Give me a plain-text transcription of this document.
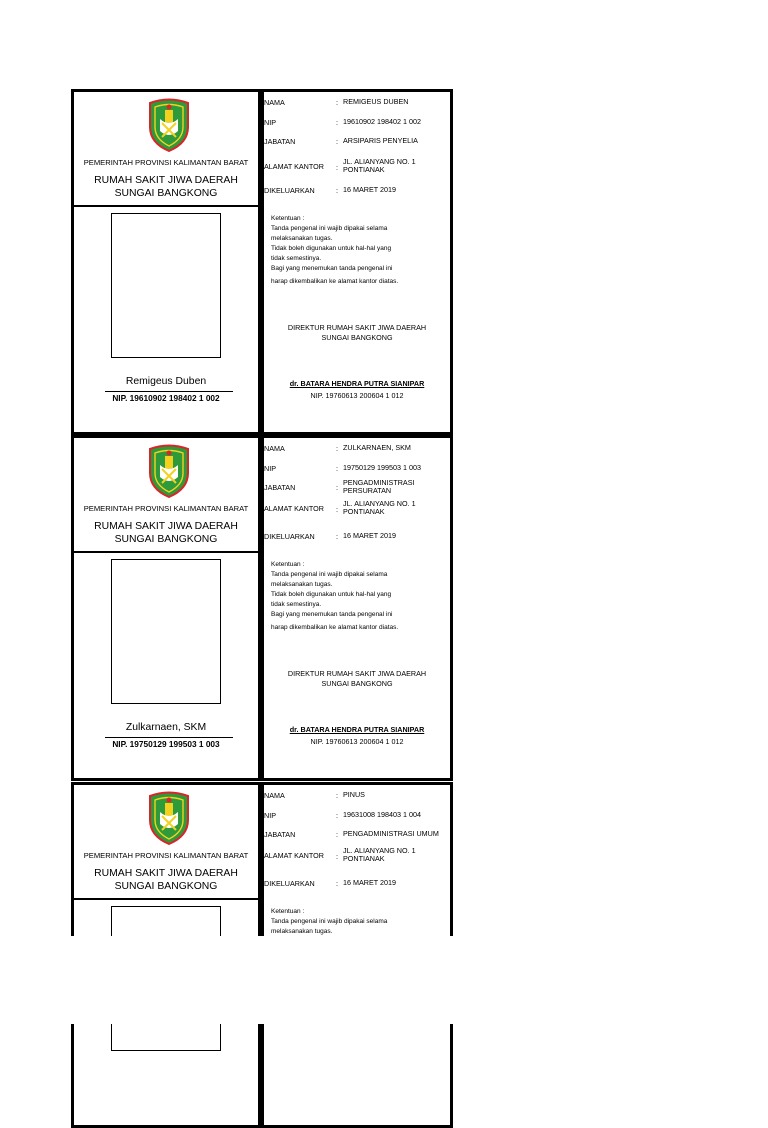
PEMERINTAH PROVINSI KALIMANTAN BARAT
RUMAH SAKIT JIWA DAERAH
SUNGAI BANGKONG
Remigeus Duben
NIP. 19610902 198402 1 002
NAMA	: REMIGEUS DUBEN
NIP	: 19610902 198402 1 002
JABATAN	: ARSIPARIS PENYELIA
ALAMAT KANTOR :
JL. ALIANYANG NO. 1
PONTIANAK
DIKELUARKAN	: 16 MARET 2019
Ketentuan :
Tanda pengenal ini wajib dipakai selama
melaksanakan tugas.
Tidak boleh digunakan untuk hal-hal yang
tidak semestinya.
Bagi yang menemukan tanda pengenal ini
harap dikembalikan ke alamat kantor diatas.
DIREKTUR RUMAH SAKIT JIWA DAERAH
SUNGAI BANGKONG
dr. BATARA HENDRA PUTRA SIANIPAR
NIP. 19760613 200604 1 012
PEMERINTAH PROVINSI KALIMANTAN BARAT
RUMAH SAKIT JIWA DAERAH
SUNGAI BANGKONG
Zulkarnaen, SKM
NIP. 19750129 199503 1 003
NAMA	: ZULKARNAEN, SKM
NIP	: 19750129 199503 1 003
JABATAN	:
PENGADMINISTRASI
PERSURATAN
ALAMAT KANTOR :
JL. ALIANYANG NO. 1
PONTIANAK
DIKELUARKAN	: 16 MARET 2019
Ketentuan :
Tanda pengenal ini wajib dipakai selama
melaksanakan tugas.
Tidak boleh digunakan untuk hal-hal yang
tidak semestinya.
Bagi yang menemukan tanda pengenal ini
harap dikembalikan ke alamat kantor diatas.
DIREKTUR RUMAH SAKIT JIWA DAERAH
SUNGAI BANGKONG
dr. BATARA HENDRA PUTRA SIANIPAR
NIP. 19760613 200604 1 012
PEMERINTAH PROVINSI KALIMANTAN BARAT
RUMAH SAKIT JIWA DAERAH
SUNGAI BANGKONG
NAMA	: PINUS
NIP	: 19631008 198403 1 004
JABATAN	: PENGADMINISTRASI UMUM
ALAMAT KANTOR :
JL. ALIANYANG NO. 1
PONTIANAK
DIKELUARKAN	: 16 MARET 2019
Ketentuan :
Tanda pengenal ini wajib dipakai selama
melaksanakan tugas.
